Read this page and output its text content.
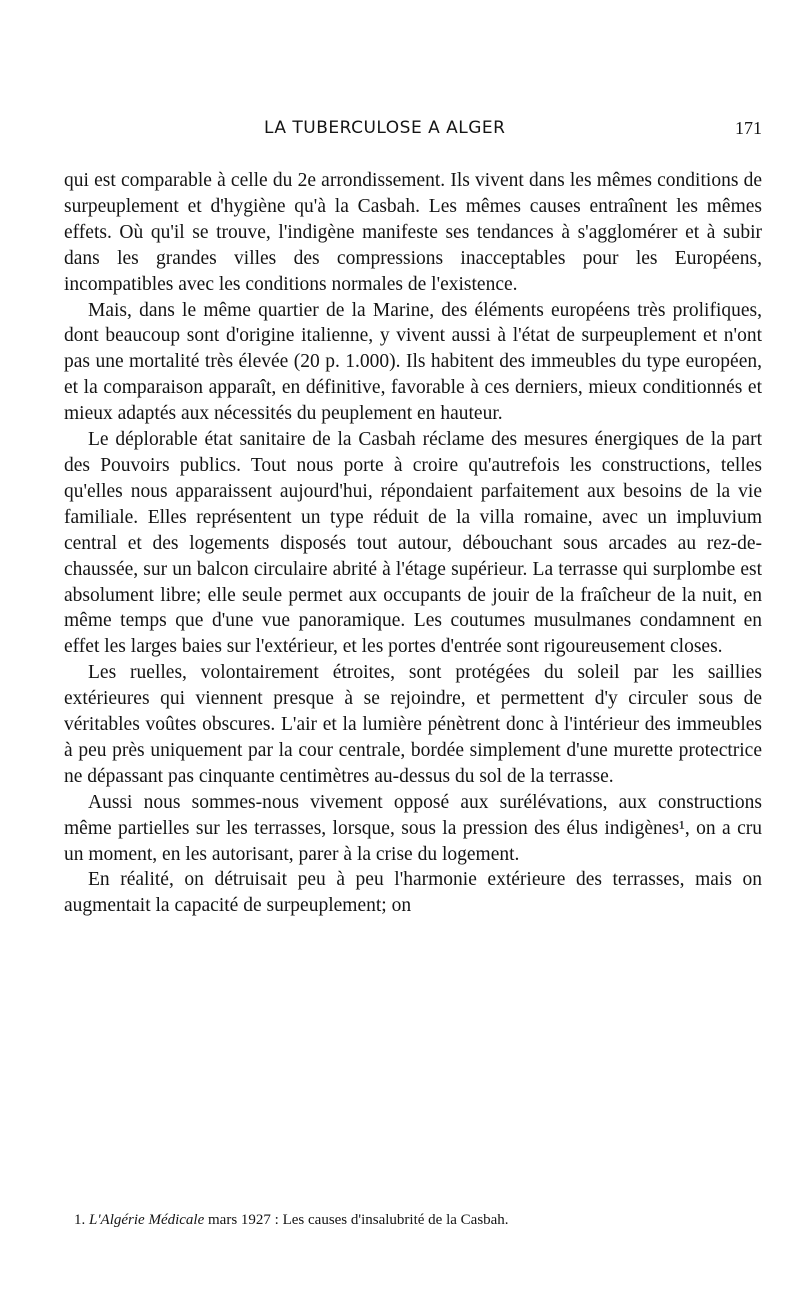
LA TUBERCULOSE A ALGER	171

qui est comparable à celle du 2e arrondissement. Ils vivent dans les mêmes conditions de surpeuplement et d'hygiène qu'à la Casbah. Les mêmes causes entraînent les mêmes effets. Où qu'il se trouve, l'indigène manifeste ses tendances à s'agglomérer et à subir dans les grandes villes des compressions inacceptables pour les Européens, incompatibles avec les conditions normales de l'existence.

Mais, dans le même quartier de la Marine, des éléments européens très prolifiques, dont beaucoup sont d'origine italienne, y vivent aussi à l'état de surpeuplement et n'ont pas une mortalité très élevée (20 p. 1.000). Ils habitent des immeubles du type européen, et la comparaison apparaît, en définitive, favorable à ces derniers, mieux conditionnés et mieux adaptés aux nécessités du peuplement en hauteur.

Le déplorable état sanitaire de la Casbah réclame des mesures énergiques de la part des Pouvoirs publics. Tout nous porte à croire qu'autrefois les constructions, telles qu'elles nous apparaissent aujourd'hui, répondaient parfaitement aux besoins de la vie familiale. Elles représentent un type réduit de la villa romaine, avec un impluvium central et des logements disposés tout autour, débouchant sous arcades au rez-de-chaussée, sur un balcon circulaire abrité à l'étage supérieur. La terrasse qui surplombe est absolument libre; elle seule permet aux occupants de jouir de la fraîcheur de la nuit, en même temps que d'une vue panoramique. Les coutumes musulmanes condamnent en effet les larges baies sur l'extérieur, et les portes d'entrée sont rigoureusement closes.

Les ruelles, volontairement étroites, sont protégées du soleil par les saillies extérieures qui viennent presque à se rejoindre, et permettent d'y circuler sous de véritables voûtes obscures. L'air et la lumière pénètrent donc à l'intérieur des immeubles à peu près uniquement par la cour centrale, bordée simplement d'une murette protectrice ne dépassant pas cinquante centimètres au-dessus du sol de la terrasse.

Aussi nous sommes-nous vivement opposé aux surélévations, aux constructions même partielles sur les terrasses, lorsque, sous la pression des élus indigènes¹, on a cru un moment, en les autorisant, parer à la crise du logement.

En réalité, on détruisait peu à peu l'harmonie extérieure des terrasses, mais on augmentait la capacité de surpeuplement; on

1. L'Algérie Médicale mars 1927 : Les causes d'insalubrité de la Casbah.
